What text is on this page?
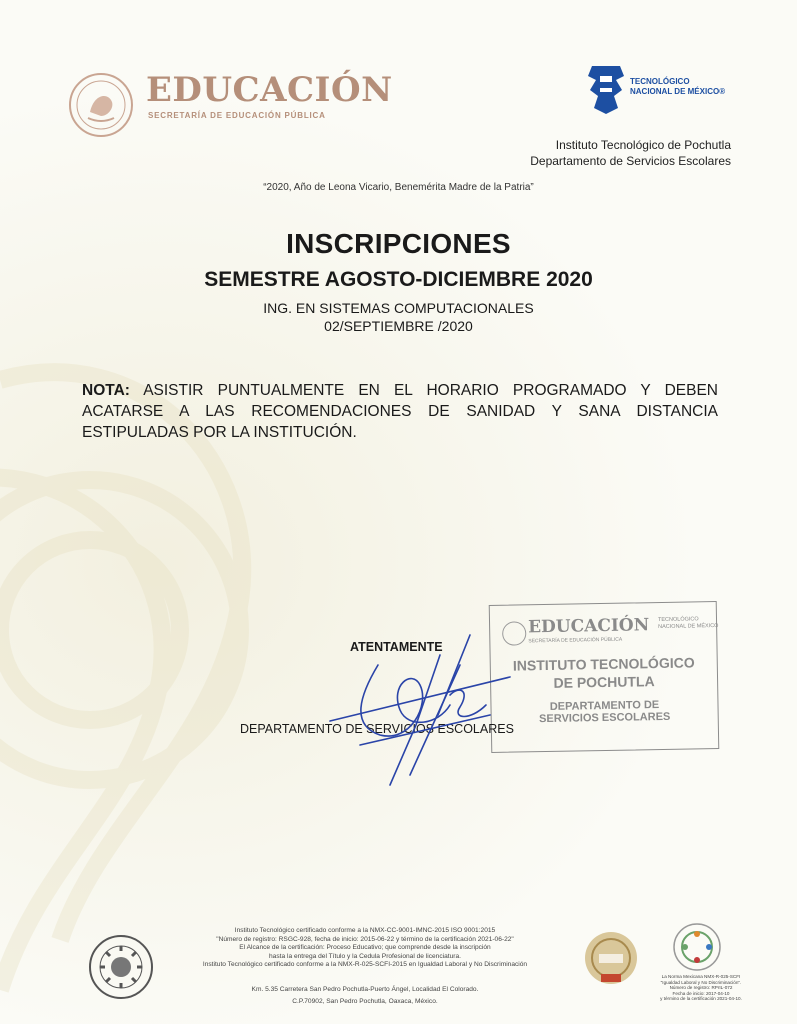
EDUCACIÓN
SECRETARÍA DE EDUCACIÓN PÚBLICA
TECNOLÓGICO
NACIONAL DE MÉXICO®
Instituto Tecnológico de Pochutla
Departamento de Servicios Escolares
“2020, Año de Leona Vicario, Benemérita Madre de la Patria”
INSCRIPCIONES
SEMESTRE AGOSTO-DICIEMBRE 2020
ING. EN SISTEMAS COMPUTACIONALES
02/SEPTIEMBRE /2020
NOTA: ASISTIR PUNTUALMENTE EN EL HORARIO PROGRAMADO Y DEBEN ACATARSE A LAS RECOMENDACIONES DE SANIDAD Y SANA DISTANCIA ESTIPULADAS POR LA INSTITUCIÓN.
EDUCACIÓN
SECRETARÍA DE EDUCACIÓN PÚBLICA
TECNOLÓGICO
NACIONAL DE MÉXICO
INSTITUTO TECNOLÓGICO
DE POCHUTLA
DEPARTAMENTO DE
SERVICIOS ESCOLARES
ATENTAMENTE
DEPARTAMENTO DE SERVICIOS ESCOLARES
Instituto Tecnológico certificado conforme a la NMX-CC-9001-IMNC-2015 ISO 9001:2015
"Número de registro: RSGC-928, fecha de inicio: 2015-06-22 y término de la certificación 2021-06-22"
El Alcance de la certificación: Proceso Educativo; que comprende desde la inscripción
hasta la entrega del Título y la Cedula Profesional de licenciatura.
Instituto Tecnológico certificado conforme a la NMX-R-025-SCFI-2015 en Igualdad Laboral y No Discriminación
Km. 5.35 Carretera San Pedro Pochutla-Puerto Ángel, Localidad El Colorado.
C.P.70902, San Pedro Pochutla, Oaxaca, México.
La Norma Mexicana NMX-R-025-SCFI
"Igualdad Laboral y No Discriminación".
Número de registro: RPrIL-072
Fecha de inicio: 2017-04-10
y término de la certificación 2021-04-10.
